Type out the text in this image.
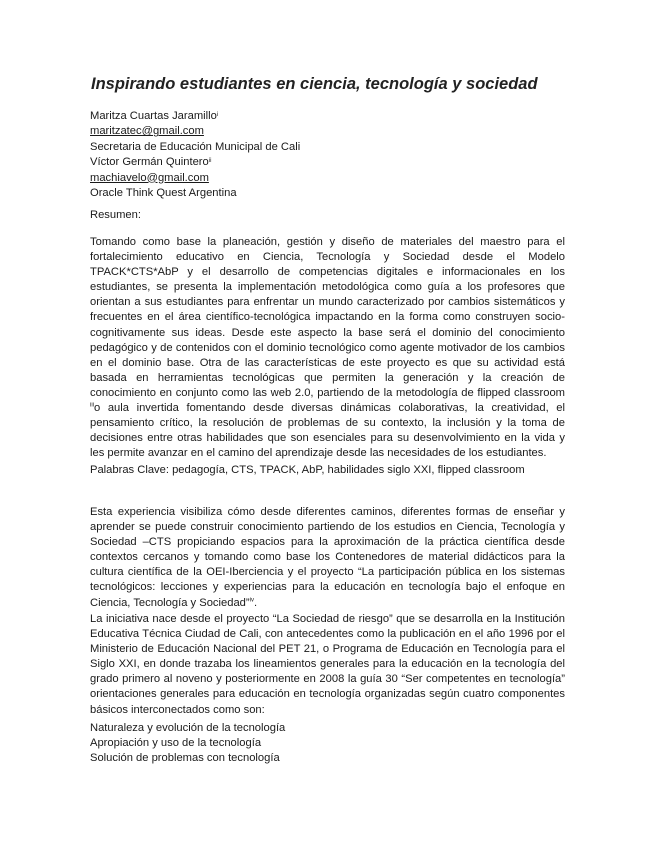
Inspirando estudiantes en ciencia, tecnología y sociedad
Maritza Cuartas Jaramillo$^i$
maritzatec@gmail.com
Secretaria de Educación Municipal de Cali
Víctor Germán Quintero$^{ii}$
machiavelo@gmail.com
Oracle Think Quest Argentina
Resumen:

Tomando como base la planeación, gestión y diseño de materiales del maestro para el fortalecimiento educativo en Ciencia, Tecnología y Sociedad desde el Modelo TPACK*CTS*AbP y el desarrollo de competencias digitales e informacionales en los estudiantes, se presenta la implementación metodológica como guía a los profesores que orientan a sus estudiantes para enfrentar un mundo caracterizado por cambios sistemáticos y frecuentes en el área científico-tecnológica impactando en la forma como construyen socio-cognitivamente sus ideas. Desde este aspecto la base será el dominio del conocimiento pedagógico y de contenidos con el dominio tecnológico como agente motivador de los cambios en el dominio base. Otra de las características de este proyecto es que su actividad está basada en herramientas tecnológicas que permiten la generación y la creación de conocimiento en conjunto como las web 2.0, partiendo de la metodología de flipped classroom $^{iii}$o aula invertida fomentando desde diversas dinámicas colaborativas, la creatividad, el pensamiento crítico, la resolución de problemas de su contexto, la inclusión y la toma de decisiones entre otras habilidades que son esenciales para su desenvolvimiento en la vida y les permite avanzar en el camino del aprendizaje desde las necesidades de los estudiantes.

Palabras Clave: pedagogía, CTS, TPACK, AbP, habilidades siglo XXI, flipped classroom

Esta experiencia visibiliza cómo desde diferentes caminos, diferentes formas de enseñar y aprender se puede construir conocimiento partiendo de los estudios en Ciencia, Tecnología y Sociedad –CTS propiciando espacios para la aproximación de la práctica científica desde contextos cercanos y tomando como base los Contenedores de material didácticos para la cultura científica de la OEI-Iberciencia y el proyecto “La participación pública en los sistemas tecnológicos: lecciones y experiencias para la educación en tecnología bajo el enfoque en Ciencia, Tecnología y Sociedad”$^{iv}$.

La iniciativa nace desde el proyecto “La Sociedad de riesgo” que se desarrolla en la Institución Educativa Técnica Ciudad de Cali, con antecedentes como la publicación en el año 1996 por el Ministerio de Educación Nacional del PET 21, o Programa de Educación en Tecnología para el Siglo XXI, en donde trazaba los lineamientos generales para la educación en la tecnología del grado primero al noveno y posteriormente en 2008 la guía 30 “Ser competentes en tecnología” orientaciones generales para educación en tecnología organizadas según cuatro componentes básicos interconectados como son:

Naturaleza y evolución de la tecnología
Apropiación y uso de la tecnología
Solución de problemas con tecnología
